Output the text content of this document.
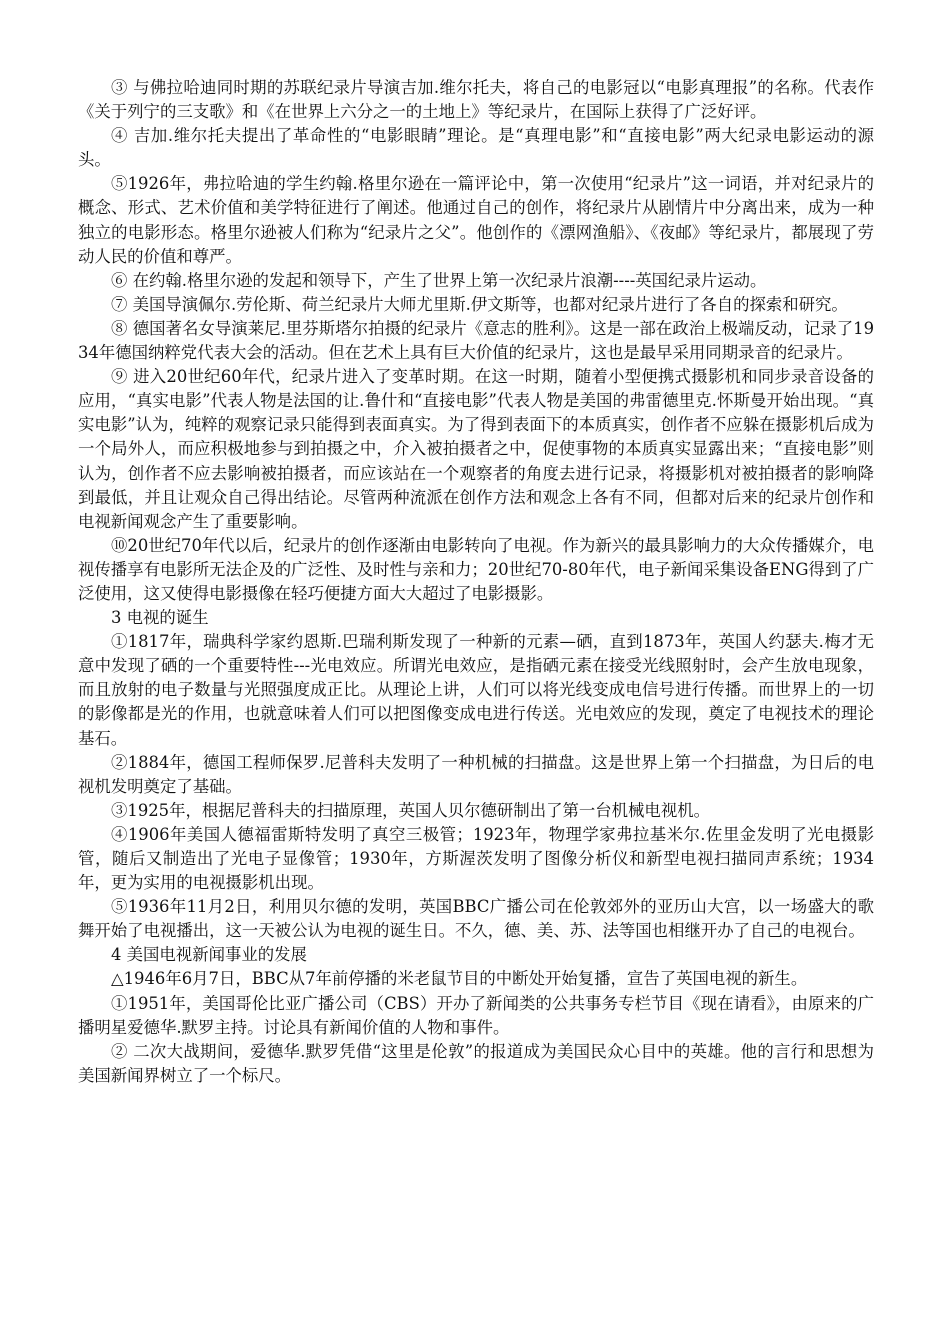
③ 与佛拉哈迪同时期的苏联纪录片导演吉加.维尔托夫，将自己的电影冠以“电影真理报”的名称。代表作《关于列宁的三支歌》和《在世界上六分之一的土地上》等纪录片，在国际上获得了广泛好评。

④ 吉加.维尔托夫提出了革命性的“电影眼睛”理论。是“真理电影”和“直接电影”两大纪录电影运动的源头。

⑤1926年，弗拉哈迪的学生约翰.格里尔逊在一篇评论中，第一次使用“纪录片”这一词语，并对纪录片的概念、形式、艺术价值和美学特征进行了阐述。他通过自己的创作，将纪录片从剧情片中分离出来，成为一种独立的电影形态。格里尔逊被人们称为“纪录片之父”。他创作的《漂网渔船》、《夜邮》等纪录片，都展现了劳动人民的价值和尊严。

⑥ 在约翰.格里尔逊的发起和领导下，产生了世界上第一次纪录片浪潮----英国纪录片运动。

⑦ 美国导演佩尔.劳伦斯、荷兰纪录片大师尤里斯.伊文斯等，也都对纪录片进行了各自的探索和研究。

⑧ 德国著名女导演莱尼.里芬斯塔尔拍摄的纪录片《意志的胜利》。这是一部在政治上极端反动，记录了1934年德国纳粹党代表大会的活动。但在艺术上具有巨大价值的纪录片，这也是最早采用同期录音的纪录片。

⑨ 进入20世纪60年代，纪录片进入了变革时期。在这一时期，随着小型便携式摄影机和同步录音设备的应用，“真实电影”代表人物是法国的让.鲁什和“直接电影”代表人物是美国的弗雷德里克.怀斯曼开始出现。“真实电影”认为，纯粹的观察记录只能得到表面真实。为了得到表面下的本质真实，创作者不应躲在摄影机后成为一个局外人，而应积极地参与到拍摄之中，介入被拍摄者之中，促使事物的本质真实显露出来；“直接电影”则认为，创作者不应去影响被拍摄者，而应该站在一个观察者的角度去进行记录，将摄影机对被拍摄者的影响降到最低，并且让观众自己得出结论。尽管两种流派在创作方法和观念上各有不同，但都对后来的纪录片创作和电视新闻观念产生了重要影响。

⑩20世纪70年代以后，纪录片的创作逐渐由电影转向了电视。作为新兴的最具影响力的大众传播媒介，电视传播享有电影所无法企及的广泛性、及时性与亲和力；20世纪70-80年代，电子新闻采集设备ENG得到了广泛使用，这又使得电影摄像在轻巧便捷方面大大超过了电影摄影。

3 电视的诞生

①1817年，瑞典科学家约恩斯.巴瑞利斯发现了一种新的元素—硒，直到1873年，英国人约瑟夫.梅才无意中发现了硒的一个重要特性---光电效应。所谓光电效应，是指硒元素在接受光线照射时，会产生放电现象，而且放射的电子数量与光照强度成正比。从理论上讲，人们可以将光线变成电信号进行传播。而世界上的一切的影像都是光的作用，也就意味着人们可以把图像变成电进行传送。光电效应的发现，奠定了电视技术的理论基石。

②1884年，德国工程师保罗.尼普科夫发明了一种机械的扫描盘。这是世界上第一个扫描盘，为日后的电视机发明奠定了基础。

③1925年，根据尼普科夫的扫描原理，英国人贝尔德研制出了第一台机械电视机。

④1906年美国人德福雷斯特发明了真空三极管；1923年，物理学家弗拉基米尔.佐里金发明了光电摄影管，随后又制造出了光电子显像管；1930年，方斯渥茨发明了图像分析仪和新型电视扫描同声系统；1934年，更为实用的电视摄影机出现。

⑤1936年11月2日，利用贝尔德的发明，英国BBC广播公司在伦敦郊外的亚历山大宫，以一场盛大的歌舞开始了电视播出，这一天被公认为电视的诞生日。不久，德、美、苏、法等国也相继开办了自己的电视台。

4 美国电视新闻事业的发展

△1946年6月7日，BBC从7年前停播的米老鼠节目的中断处开始复播，宣告了英国电视的新生。

①1951年，美国哥伦比亚广播公司（CBS）开办了新闻类的公共事务专栏节目《现在请看》，由原来的广播明星爱德华.默罗主持。讨论具有新闻价值的人物和事件。

② 二次大战期间，爱德华.默罗凭借“这里是伦敦”的报道成为美国民众心目中的英雄。他的言行和思想为美国新闻界树立了一个标尺。
